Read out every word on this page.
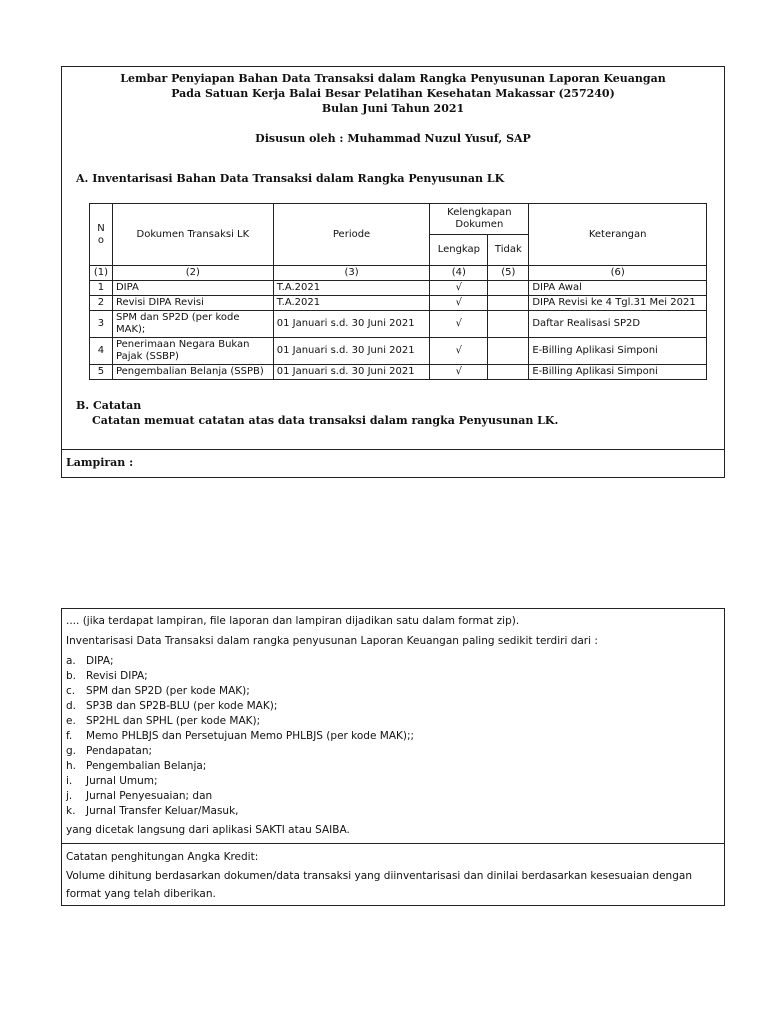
Lembar Penyiapan Bahan Data Transaksi dalam Rangka Penyusunan Laporan Keuangan
Pada Satuan Kerja Balai Besar Pelatihan Kesehatan Makassar (257240)
Bulan Juni Tahun 2021
Disusun oleh : Muhammad Nuzul Yusuf, SAP
A. Inventarisasi Bahan Data Transaksi dalam Rangka Penyusunan LK
N o	Dokumen Transaksi LK	Periode	Kelengkapan Dokumen		Keterangan
			Lengkap	Tidak	
(1)	(2)	(3)	(4)	(5)	(6)
1	DIPA	T.A.2021	√		DIPA Awal
2	Revisi DIPA Revisi	T.A.2021	√		DIPA Revisi ke 4 Tgl.31 Mei 2021
3	SPM dan SP2D (per kode MAK);	01 Januari s.d. 30 Juni 2021	√		Daftar Realisasi SP2D
4	Penerimaan Negara Bukan Pajak (SSBP)	01 Januari s.d. 30 Juni 2021	√		E-Billing Aplikasi Simponi
5	Pengembalian Belanja (SSPB)	01 Januari s.d. 30 Juni 2021	√		E-Billing Aplikasi Simponi
B. Catatan
Catatan memuat catatan atas data transaksi dalam rangka Penyusunan LK.
Lampiran :
.... (jika terdapat lampiran, file laporan dan lampiran dijadikan satu dalam format zip).
Inventarisasi Data Transaksi dalam rangka penyusunan Laporan Keuangan paling sedikit terdiri dari :
a. DIPA;
b. Revisi DIPA;
c. SPM dan SP2D (per kode MAK);
d. SP3B dan SP2B-BLU (per kode MAK);
e. SP2HL dan SPHL (per kode MAK);
f. Memo PHLBJS dan Persetujuan Memo PHLBJS (per kode MAK);;
g. Pendapatan;
h. Pengembalian Belanja;
i. Jurnal Umum;
j. Jurnal Penyesuaian; dan
k. Jurnal Transfer Keluar/Masuk,
yang dicetak langsung dari aplikasi SAKTI atau SAIBA.
Catatan penghitungan Angka Kredit:
Volume dihitung berdasarkan dokumen/data transaksi yang diinventarisasi dan dinilai berdasarkan kesesuaian dengan
format yang telah diberikan.
